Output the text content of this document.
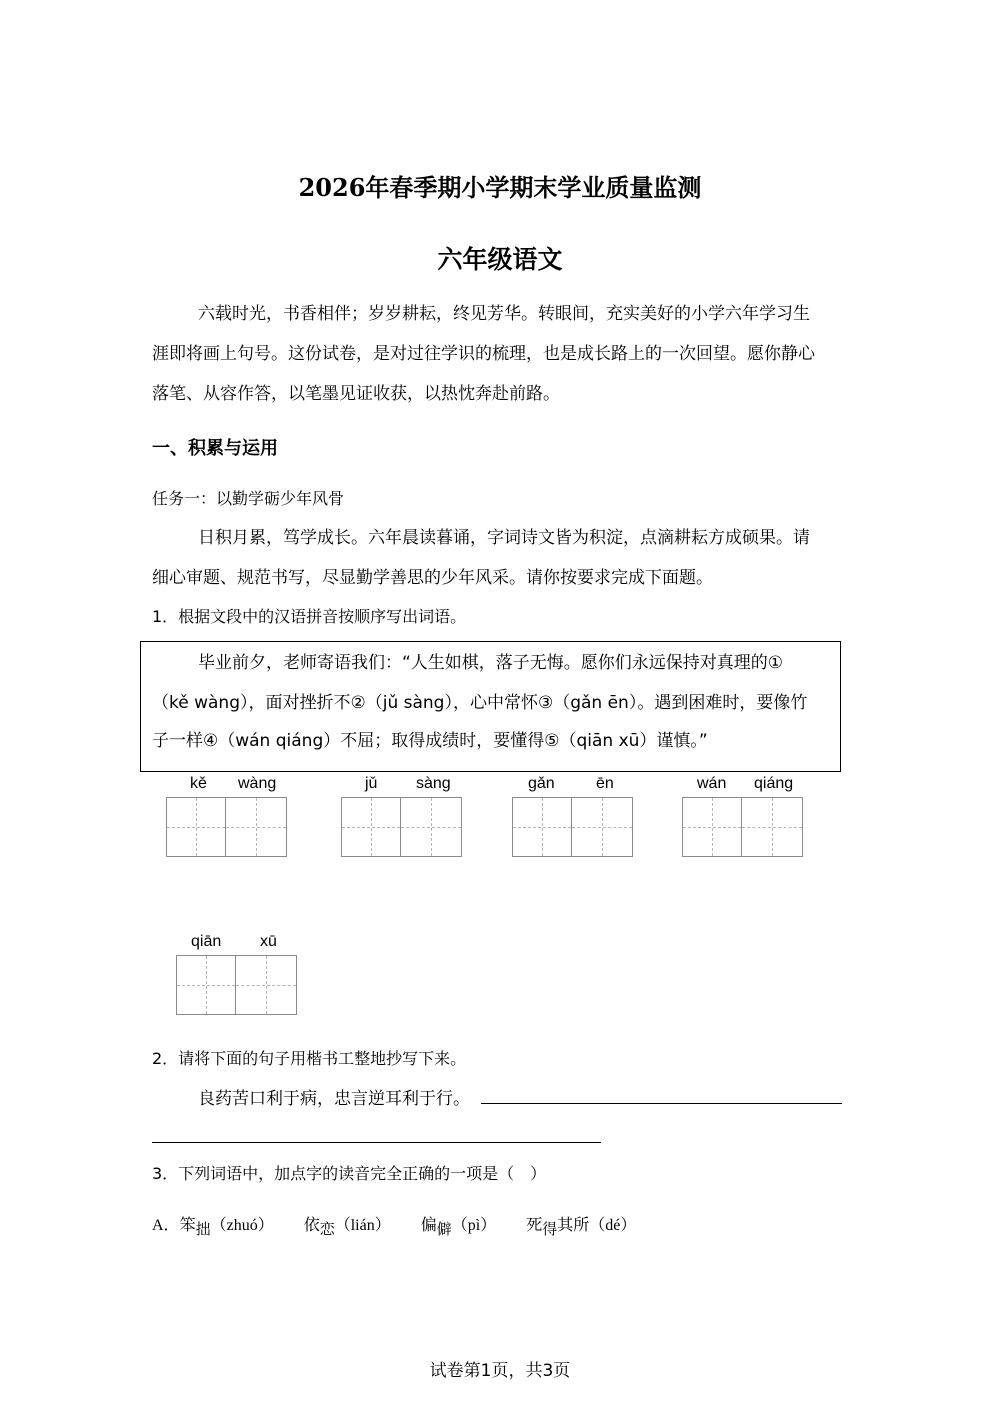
2026年春季期小学期末学业质量监测
六年级语文
六载时光，书香相伴；岁岁耕耘，终见芳华。转眼间，充实美好的小学六年学习生
涯即将画上句号。这份试卷，是对过往学识的梳理，也是成长路上的一次回望。愿你静心
落笔、从容作答，以笔墨见证收获，以热忱奔赴前路。
一、积累与运用
任务一：以勤学砺少年风骨
日积月累，笃学成长。六年晨读暮诵，字词诗文皆为积淀，点滴耕耘方成硕果。请
细心审题、规范书写，尽显勤学善思的少年风采。请你按要求完成下面题。
1．根据文段中的汉语拼音按顺序写出词语。
毕业前夕，老师寄语我们：“人生如棋，落子无悔。愿你们永远保持对真理的①
（kě wàng），面对挫折不②（jǔ sàng），心中常怀③（gǎn ēn）。遇到困难时，要像竹
子一样④（wán qiáng）不屈；取得成绩时，要懂得⑤（qiān xū）谨慎。”
kě wàng	jǔ sàng	gǎn	ēn	wán qiáng
qiān xū
2．请将下面的句子用楷书工整地抄写下来。
良药苦口利于病，忠言逆耳利于行。
3．下列词语中，加点字的读音完全正确的一项是（　）
A．笨拙（zhuó） 依恋（lián） 偏僻（pì） 死得其所（dé）
试卷第1页，共3页
